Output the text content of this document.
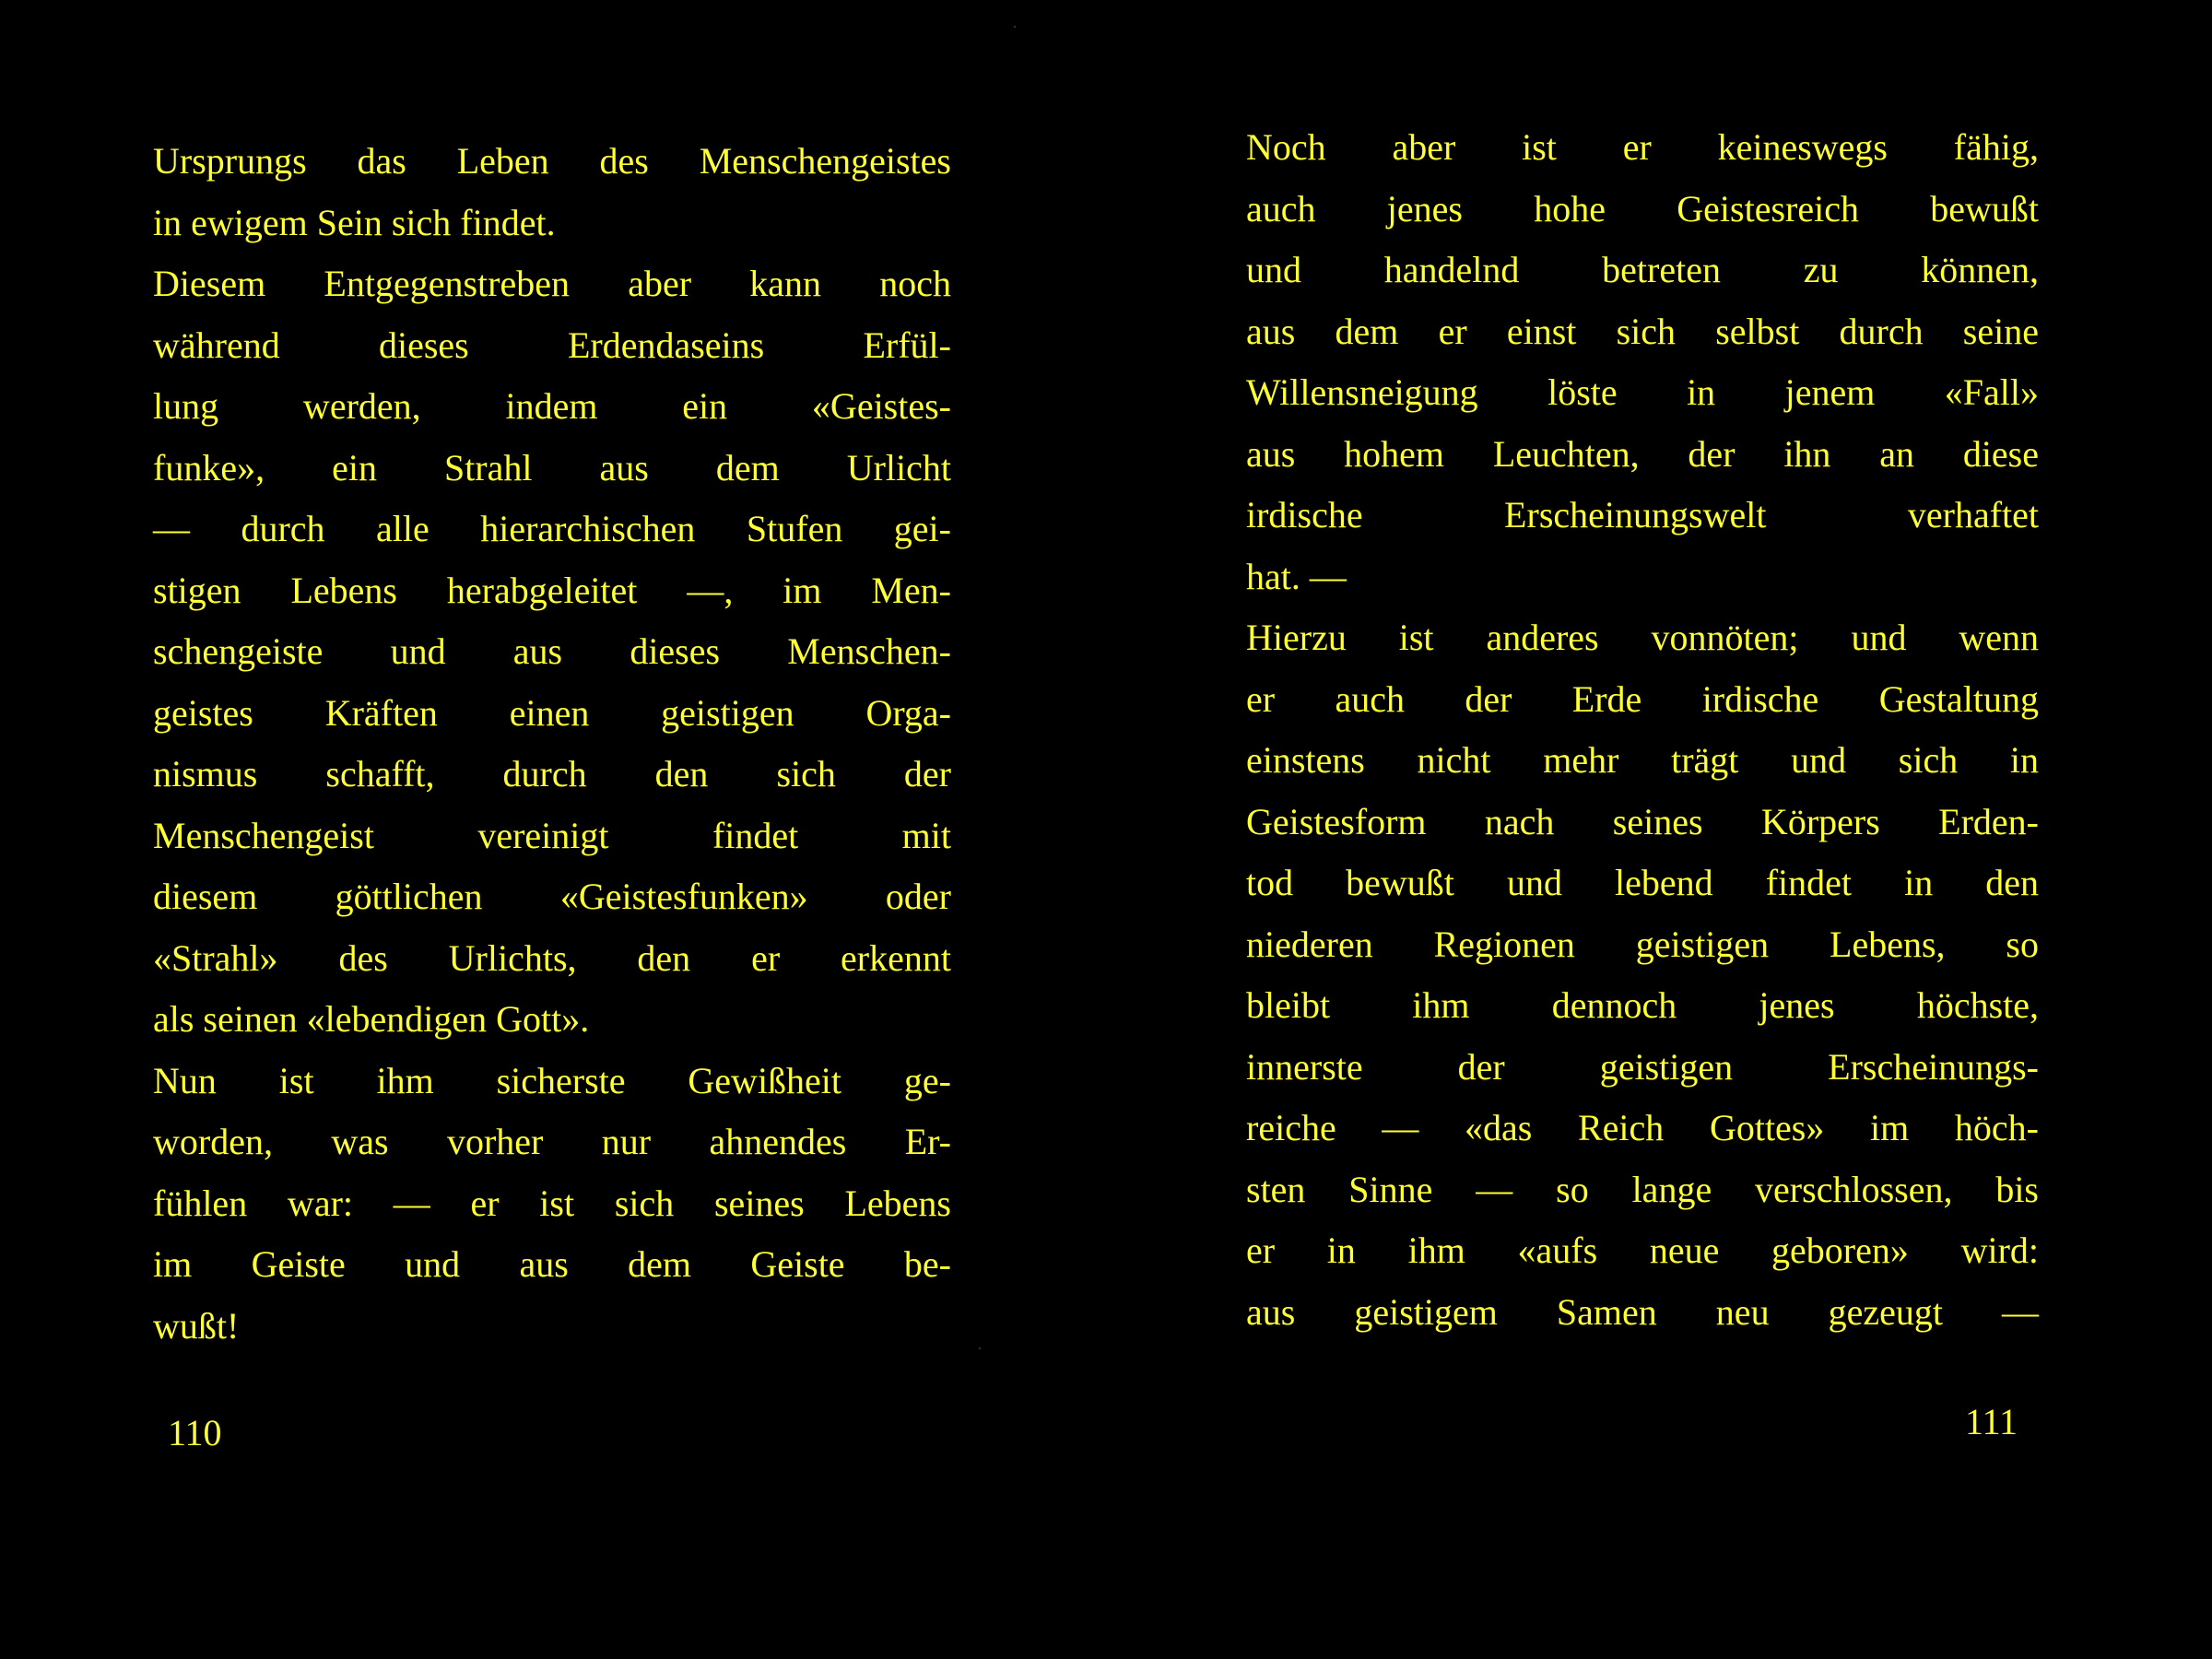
Ursprungs das Leben des Menschengeistes
in ewigem Sein sich findet.
Diesem Entgegenstreben aber kann noch
während dieses Erdendaseins Erfül-
lung werden, indem ein «Geistes-
funke», ein Strahl aus dem Urlicht
— durch alle hierarchischen Stufen gei-
stigen Lebens herabgeleitet —, im Men-
schengeiste und aus dieses Menschen-
geistes Kräften einen geistigen Orga-
nismus schafft, durch den sich der
Menschengeist vereinigt findet mit
diesem göttlichen «Geistesfunken» oder
«Strahl» des Urlichts, den er erkennt
als seinen «lebendigen Gott».
Nun ist ihm sicherste Gewißheit ge-
worden, was vorher nur ahnendes Er-
fühlen war: — er ist sich seines Lebens
im Geiste und aus dem Geiste be-
wußt!
110
Noch aber ist er keineswegs fähig,
auch jenes hohe Geistesreich bewußt
und handelnd betreten zu können,
aus dem er einst sich selbst durch seine
Willensneigung löste in jenem «Fall»
aus hohem Leuchten, der ihn an diese
irdische Erscheinungswelt verhaftet
hat. —
Hierzu ist anderes vonnöten; und wenn
er auch der Erde irdische Gestaltung
einstens nicht mehr trägt und sich in
Geistesform nach seines Körpers Erden-
tod bewußt und lebend findet in den
niederen Regionen geistigen Lebens, so
bleibt ihm dennoch jenes höchste,
innerste der geistigen Erscheinungs-
reiche — «das Reich Gottes» im höch-
sten Sinne — so lange verschlossen, bis
er in ihm «aufs neue geboren» wird:
aus geistigem Samen neu gezeugt —
111
